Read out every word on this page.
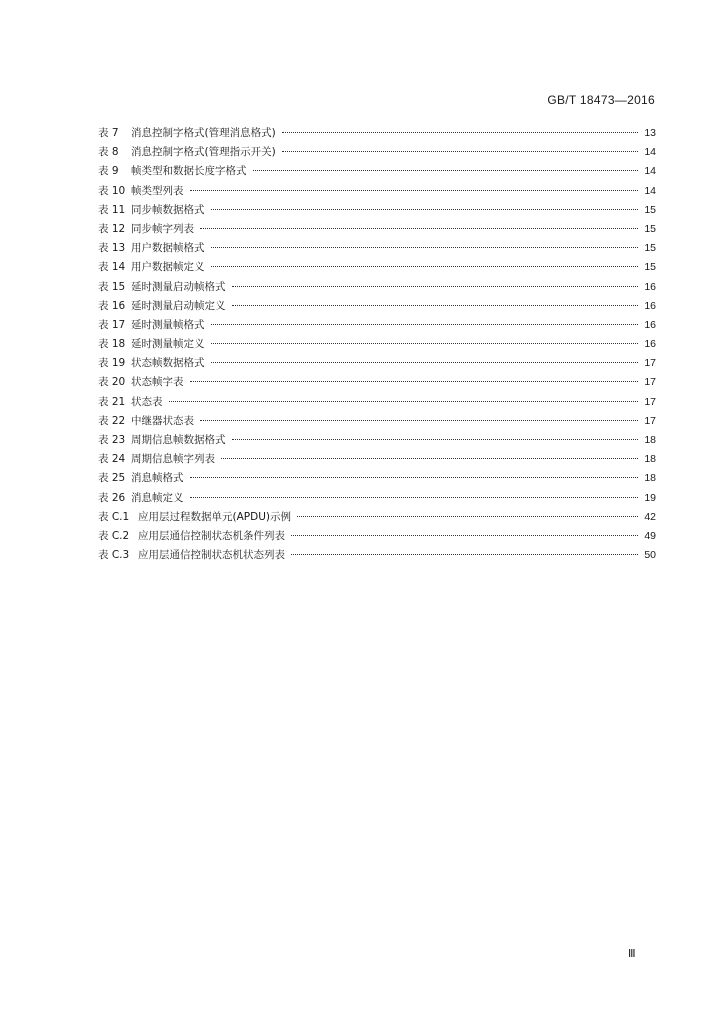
GB/T 18473—2016
表 7 消息控制字格式(管理消息格式)	13
表 8 消息控制字格式(管理指示开关)	14
表 9 帧类型和数据长度字格式	14
表 10 帧类型列表	14
表 11 同步帧数据格式	15
表 12 同步帧字列表	15
表 13 用户数据帧格式	15
表 14 用户数据帧定义	15
表 15 延时测量启动帧格式	16
表 16 延时测量启动帧定义	16
表 17 延时测量帧格式	16
表 18 延时测量帧定义	16
表 19 状态帧数据格式	17
表 20 状态帧字表	17
表 21 状态表	17
表 22 中继器状态表	17
表 23 周期信息帧数据格式	18
表 24 周期信息帧字列表	18
表 25 消息帧格式	18
表 26 消息帧定义	19
表 C.1 应用层过程数据单元(APDU)示例	42
表 C.2 应用层通信控制状态机条件列表	49
表 C.3 应用层通信控制状态机状态列表	50
Ⅲ
